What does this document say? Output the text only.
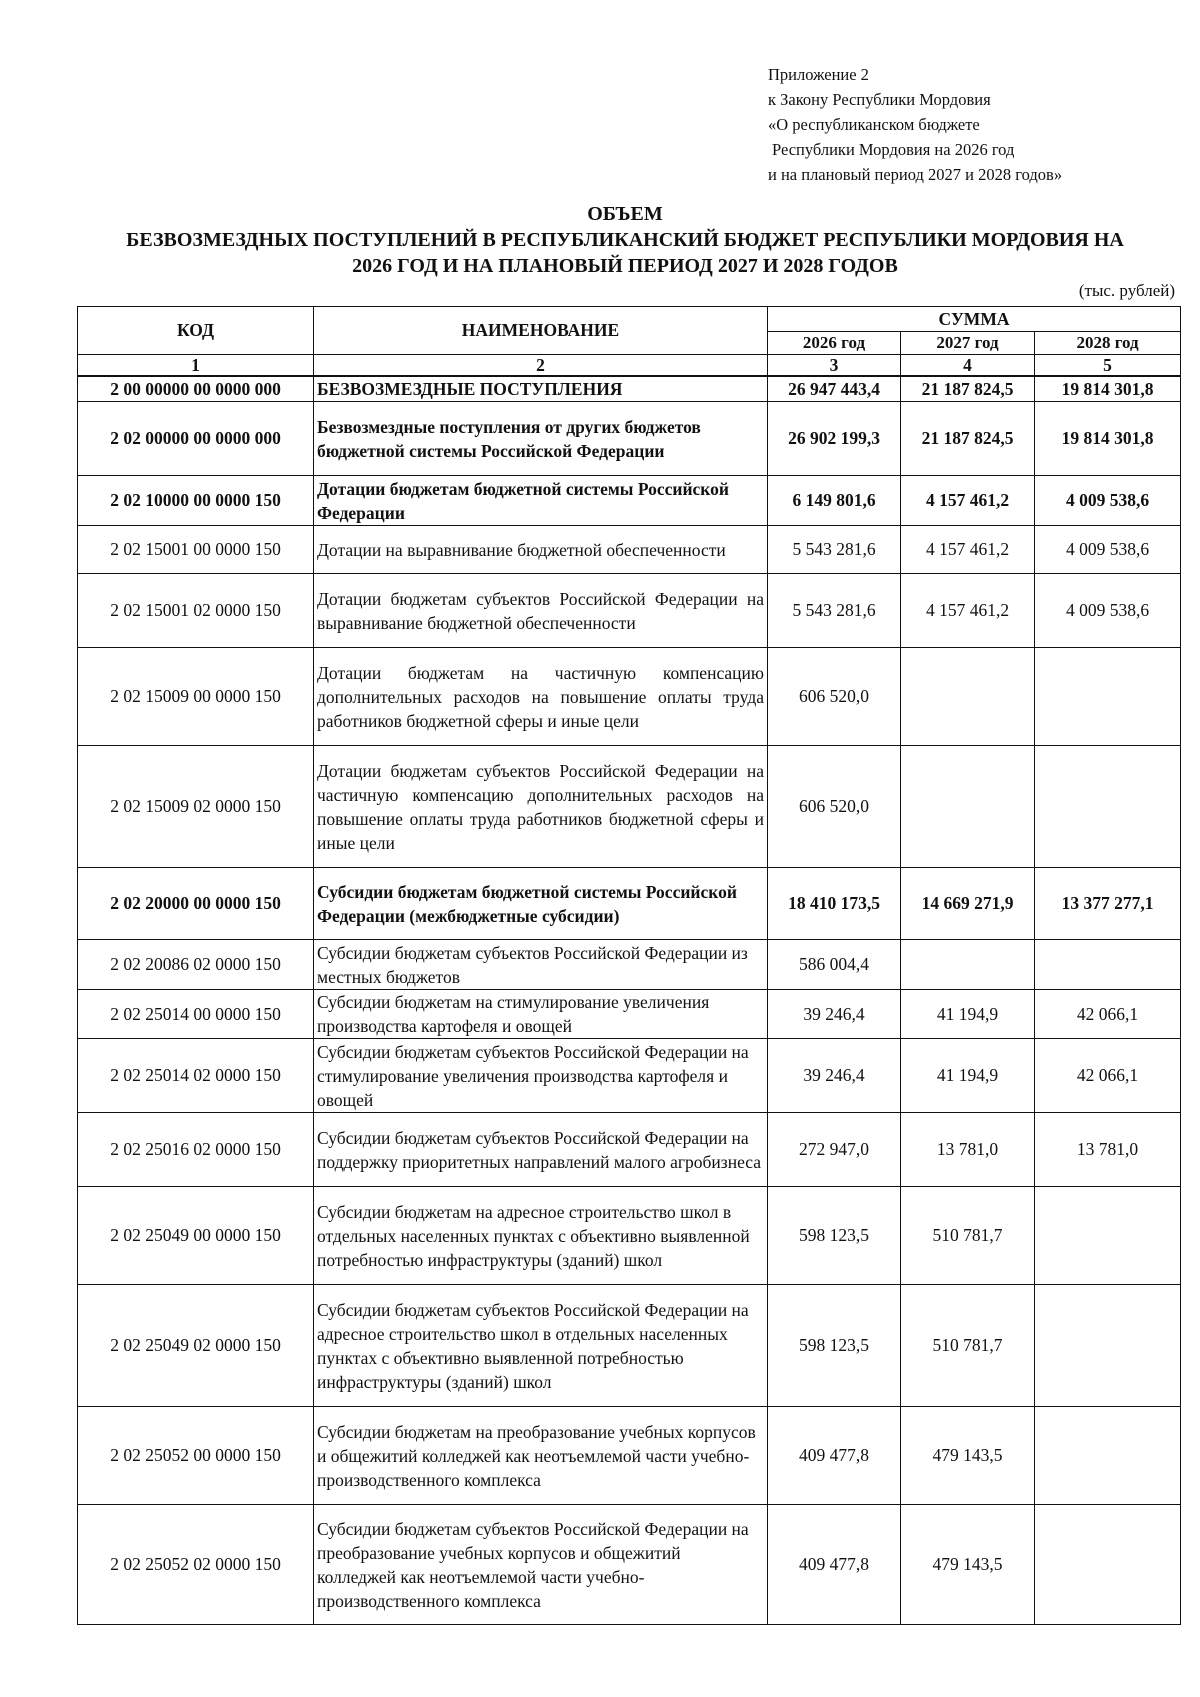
Приложение 2
к Закону Республики Мордовия
«О республиканском бюджете
Республики Мордовия на 2026 год
и на плановый период 2027 и 2028 годов»
ОБЪЕМ
БЕЗВОЗМЕЗДНЫХ ПОСТУПЛЕНИЙ В РЕСПУБЛИКАНСКИЙ БЮДЖЕТ РЕСПУБЛИКИ МОРДОВИЯ НА
2026 ГОД И НА ПЛАНОВЫЙ ПЕРИОД 2027 И 2028 ГОДОВ
(тыс. рублей)
КОД	НАИМЕНОВАНИЕ	СУММА		
		2026 год	2027 год	2028 год
1	2	3	4	5
2 00 00000 00 0000 000	БЕЗВОЗМЕЗДНЫЕ ПОСТУПЛЕНИЯ	26 947 443,4	21 187 824,5	19 814 301,8
2 02 00000 00 0000 000	Безвозмездные поступления от других бюджетов бюджетной системы Российской Федерации	26 902 199,3	21 187 824,5	19 814 301,8
2 02 10000 00 0000 150	Дотации бюджетам бюджетной системы Российской Федерации	6 149 801,6	4 157 461,2	4 009 538,6
2 02 15001 00 0000 150	Дотации на выравнивание бюджетной обеспеченности	5 543 281,6	4 157 461,2	4 009 538,6
2 02 15001 02 0000 150	Дотации бюджетам субъектов Российской Федерации на выравнивание бюджетной обеспеченности	5 543 281,6	4 157 461,2	4 009 538,6
2 02 15009 00 0000 150	Дотации бюджетам на частичную компенсацию дополнительных расходов на повышение оплаты труда работников бюджетной сферы и иные цели	606 520,0		
2 02 15009 02 0000 150	Дотации бюджетам субъектов Российской Федерации на частичную компенсацию дополнительных расходов на повышение оплаты труда работников бюджетной сферы и иные цели	606 520,0		
2 02 20000 00 0000 150	Субсидии бюджетам бюджетной системы Российской Федерации (межбюджетные субсидии)	18 410 173,5	14 669 271,9	13 377 277,1
2 02 20086 02 0000 150	Субсидии бюджетам субъектов Российской Федерации из местных бюджетов	586 004,4		
2 02 25014 00 0000 150	Субсидии бюджетам на стимулирование увеличения производства картофеля и овощей	39 246,4	41 194,9	42 066,1
2 02 25014 02 0000 150	Субсидии бюджетам субъектов Российской Федерации на стимулирование увеличения производства картофеля и овощей	39 246,4	41 194,9	42 066,1
2 02 25016 02 0000 150	Субсидии бюджетам субъектов Российской Федерации на поддержку приоритетных направлений малого агробизнеса	272 947,0	13 781,0	13 781,0
2 02 25049 00 0000 150	Субсидии бюджетам на адресное строительство школ в отдельных населенных пунктах с объективно выявленной потребностью инфраструктуры (зданий) школ	598 123,5	510 781,7	
2 02 25049 02 0000 150	Субсидии бюджетам субъектов Российской Федерации на адресное строительство школ в отдельных населенных пунктах с объективно выявленной потребностью инфраструктуры (зданий) школ	598 123,5	510 781,7	
2 02 25052 00 0000 150	Субсидии бюджетам на преобразование учебных корпусов и общежитий колледжей как неотъемлемой части учебно-производственного комплекса	409 477,8	479 143,5	
2 02 25052 02 0000 150	Субсидии бюджетам субъектов Российской Федерации на преобразование учебных корпусов и общежитий колледжей как неотъемлемой части учебно-производственного комплекса	409 477,8	479 143,5	
